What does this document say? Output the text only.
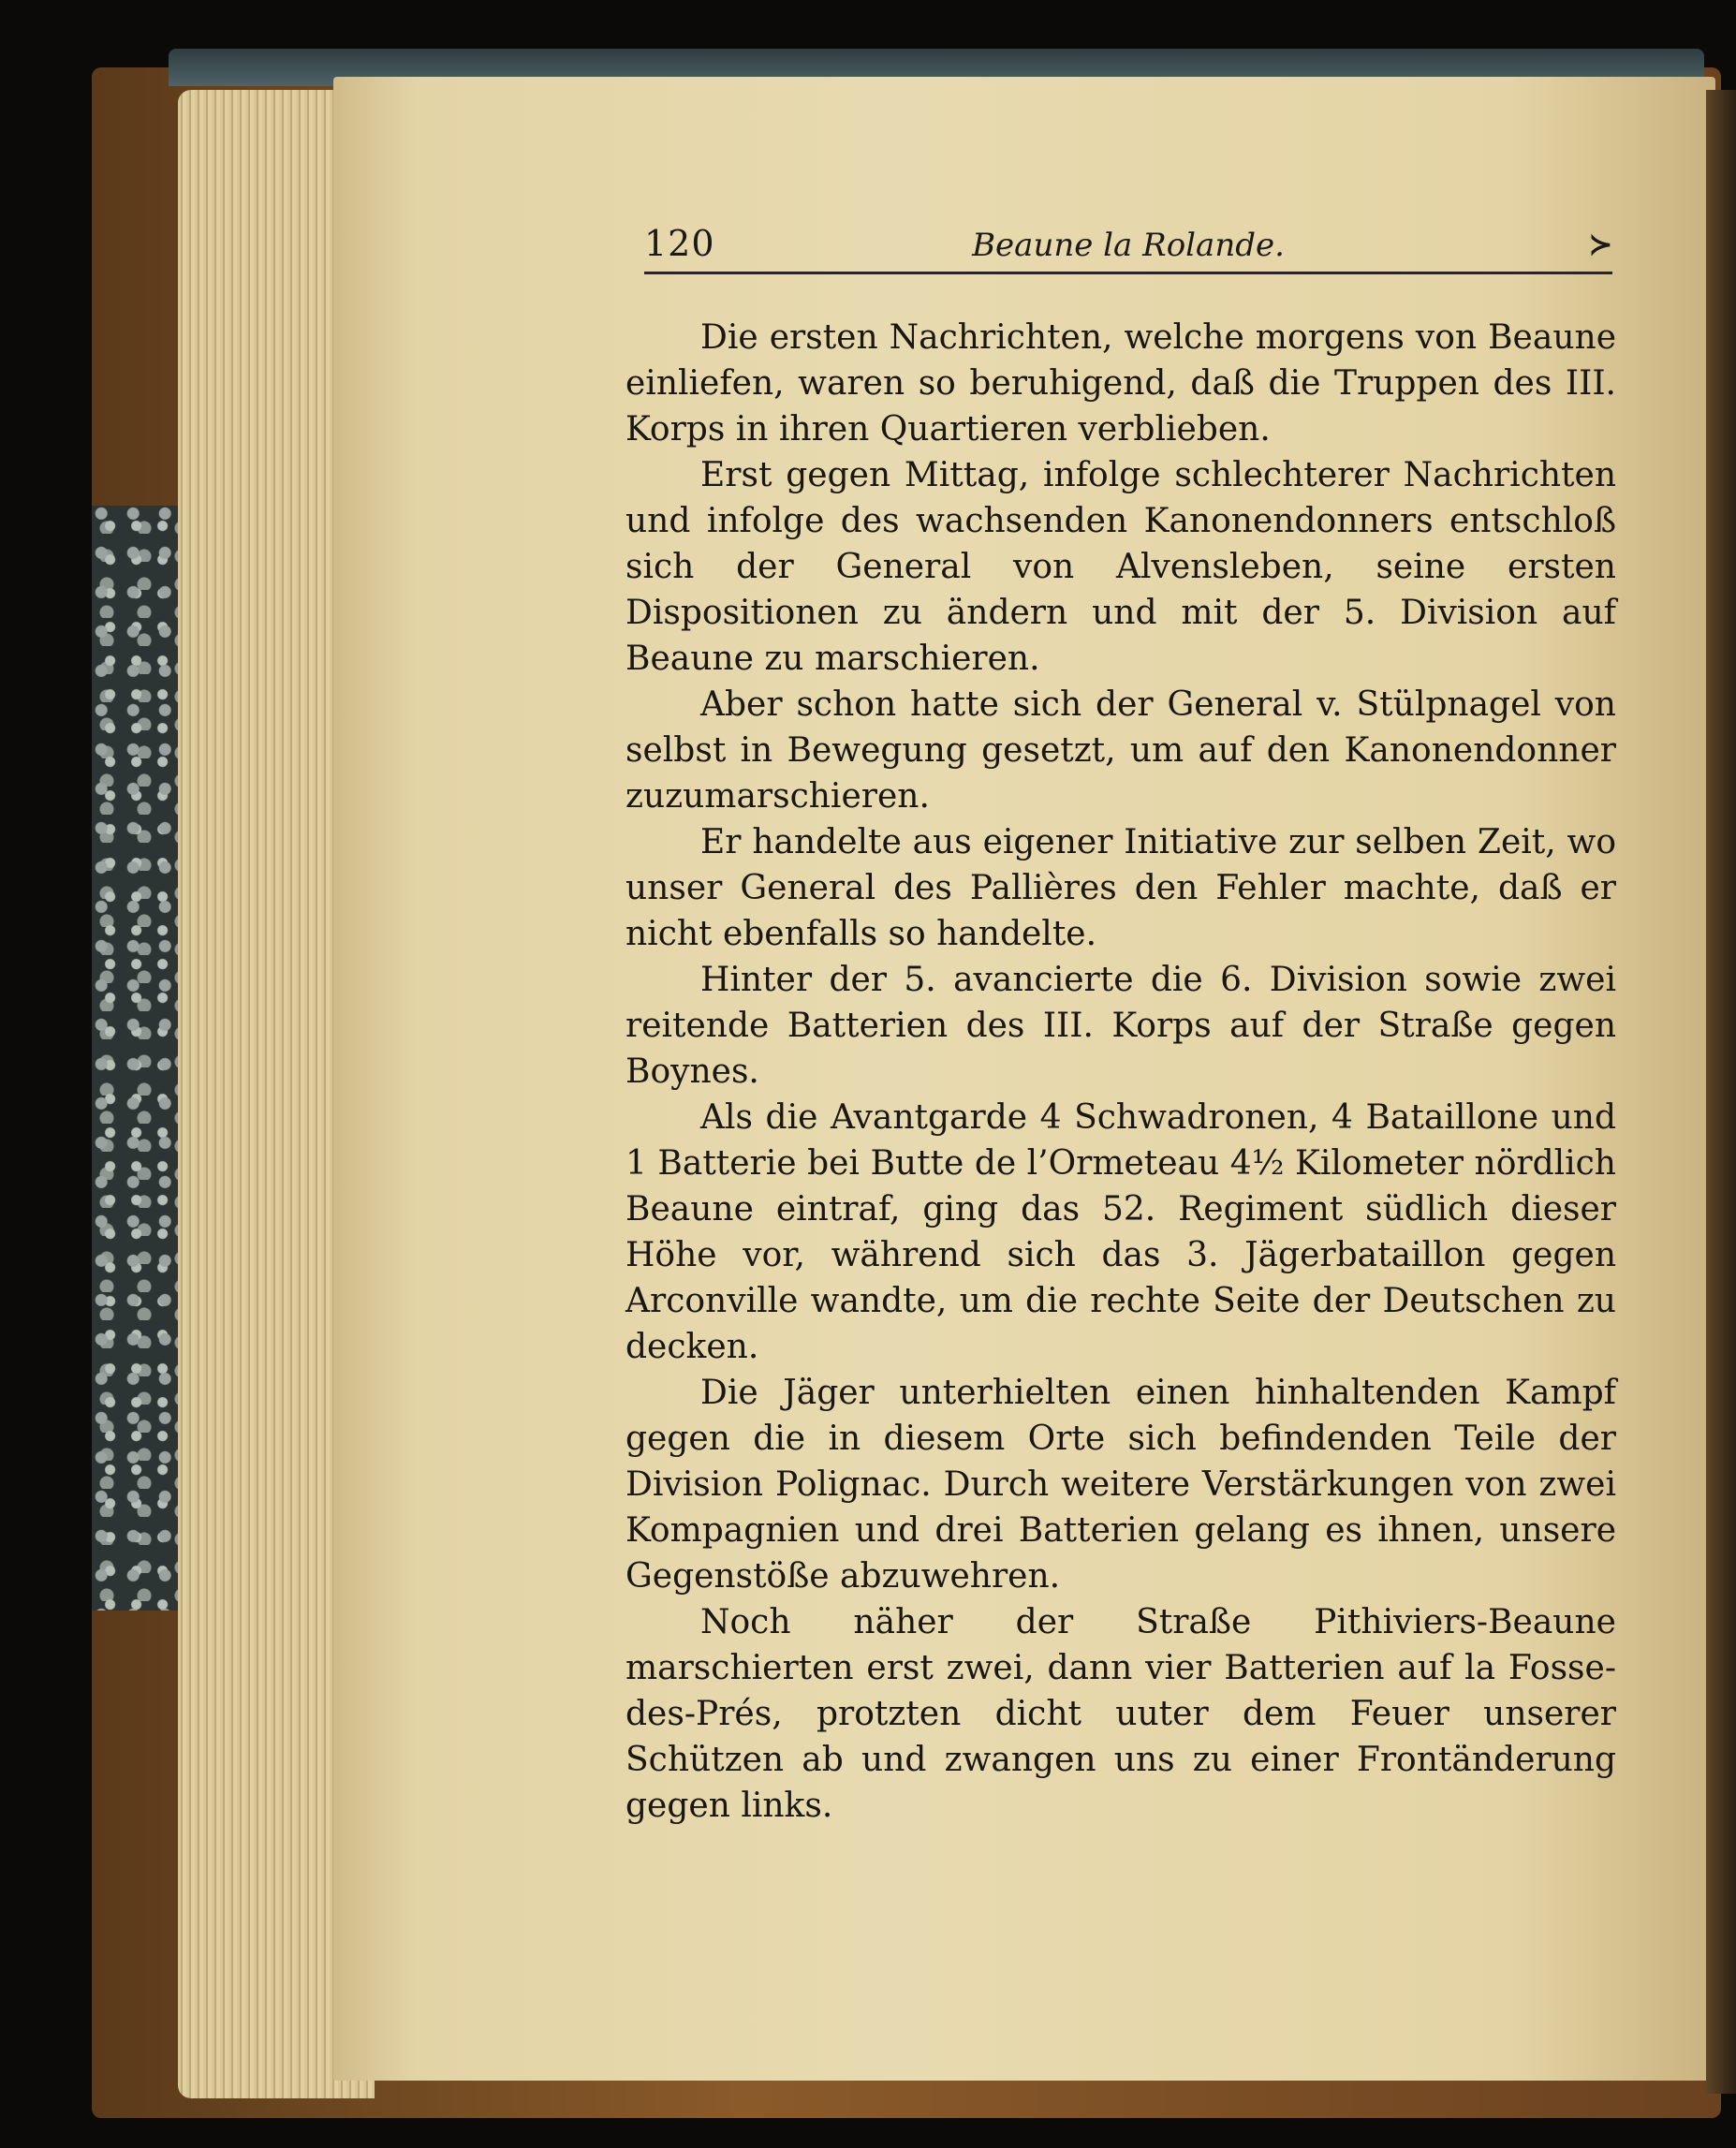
120	Beaune la Rolande.	≻

Die ersten Nachrichten, welche morgens von Beaune einliefen, waren so beruhigend, daß die Truppen des III. Korps in ihren Quartieren verblieben.

Erst gegen Mittag, infolge schlechterer Nachrichten und infolge des wachsenden Kanonendonners entschloß sich der General von Alvensleben, seine ersten Dispositionen zu ändern und mit der 5. Division auf Beaune zu marschieren.

Aber schon hatte sich der General v. Stülpnagel von selbst in Bewegung gesetzt, um auf den Kanonendonner zuzumarschieren.

Er handelte aus eigener Initiative zur selben Zeit, wo unser General des Pallières den Fehler machte, daß er nicht ebenfalls so handelte.

Hinter der 5. avancierte die 6. Division sowie zwei reitende Batterien des III. Korps auf der Straße gegen Boynes.

Als die Avantgarde 4 Schwadronen, 4 Bataillone und 1 Batterie bei Butte de l’Ormeteau 4½ Kilometer nördlich Beaune eintraf, ging das 52. Regiment südlich dieser Höhe vor, während sich das 3. Jägerbataillon gegen Arconville wandte, um die rechte Seite der Deutschen zu decken.

Die Jäger unterhielten einen hinhaltenden Kampf gegen die in diesem Orte sich befindenden Teile der Division Polignac. Durch weitere Verstärkungen von zwei Kompagnien und drei Batterien gelang es ihnen, unsere Gegenstöße abzuwehren.

Noch näher der Straße Pithiviers-Beaune marschierten erst zwei, dann vier Batterien auf la Fosse-des-Prés, protzten dicht uuter dem Feuer unserer Schützen ab und zwangen uns zu einer Frontänderung gegen links.
